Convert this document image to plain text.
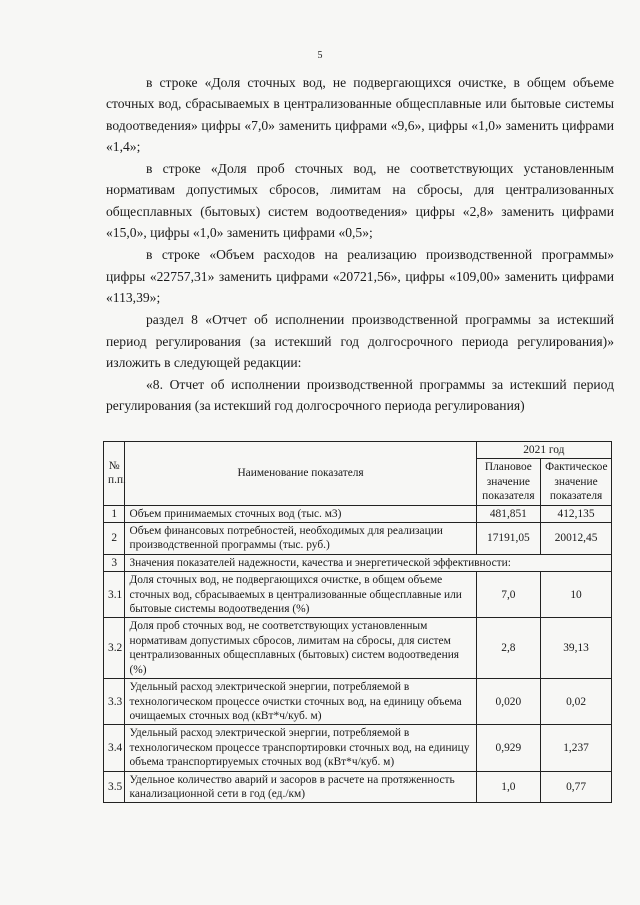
5

в строке «Доля сточных вод, не подвергающихся очистке, в общем объеме сточных вод, сбрасываемых в централизованные общесплавные или бытовые системы водоотведения» цифры «7,0» заменить цифрами «9,6», цифры «1,0» заменить цифрами «1,4»;

в строке «Доля проб сточных вод, не соответствующих установленным нормативам допустимых сбросов, лимитам на сбросы, для централизованных общесплавных (бытовых) систем водоотведения» цифры «2,8» заменить цифрами «15,0», цифры «1,0» заменить цифрами «0,5»;

в строке «Объем расходов на реализацию производственной программы» цифры «22757,31» заменить цифрами «20721,56», цифры «109,00» заменить цифрами «113,39»;

раздел 8 «Отчет об исполнении производственной программы за истекший период регулирования (за истекший год долгосрочного периода регулирования)» изложить в следующей редакции:

«8. Отчет об исполнении производственной программы за истекший период регулирования (за истекший год долгосрочного периода регулирования)

№ п.п.	Наименование показателя	2021 год	
		Плановое значение показателя	Фактическое значение показателя
1	Объем принимаемых сточных вод (тыс. м3)	481,851	412,135
2	Объем финансовых потребностей, необходимых для реализации производственной программы (тыс. руб.)	17191,05	20012,45
3	Значения показателей надежности, качества и энергетической эффективности:		
3.1	Доля сточных вод, не подвергающихся очистке, в общем объеме сточных вод, сбрасываемых в централизованные общесплавные или бытовые системы водоотведения (%)	7,0	10
3.2	Доля проб сточных вод, не соответствующих установленным нормативам допустимых сбросов, лимитам на сбросы, для систем централизованных общесплавных (бытовых) систем водоотведения (%)	2,8	39,13
3.3	Удельный расход электрической энергии, потребляемой в технологическом процессе очистки сточных вод, на единицу объема очищаемых сточных вод (кВт*ч/куб. м)	0,020	0,02
3.4	Удельный расход электрической энергии, потребляемой в технологическом процессе транспортировки сточных вод, на единицу объема транспортируемых сточных вод (кВт*ч/куб. м)	0,929	1,237
3.5	Удельное количество аварий и засоров в расчете на протяженность канализационной сети в год (ед./км)	1,0	0,77
